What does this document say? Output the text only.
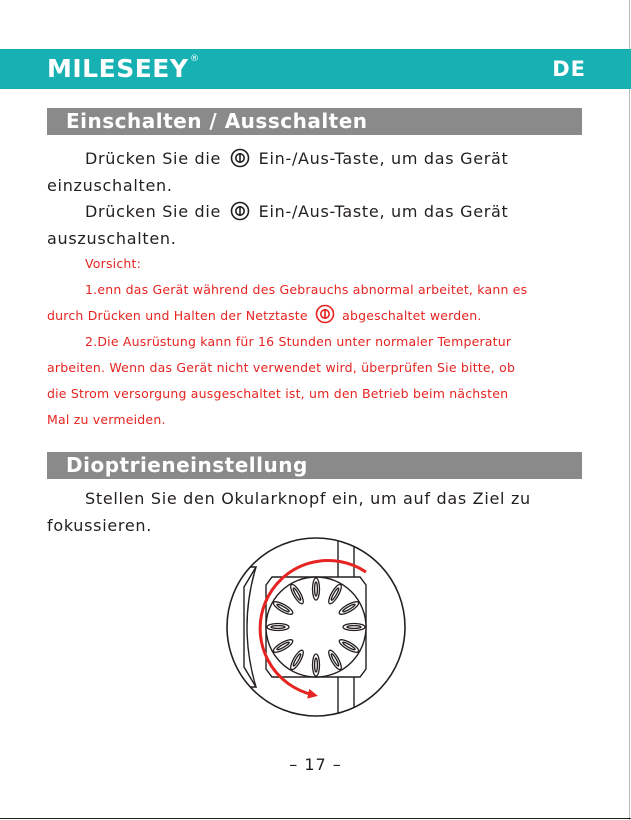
MILESEEY ®	DE
Einschalten / Ausschalten

Drücken Sie die Ein-/Aus-Taste, um das Gerät
einzuschalten.

Drücken Sie die Ein-/Aus-Taste, um das Gerät
auszuschalten.

Vorsicht:
1.enn das Gerät während des Gebrauchs abnormal arbeitet, kann es
durch Drücken und Halten der Netztaste	abgeschaltet werden.
2.Die Ausrüstung kann für 16 Stunden unter normaler Temperatur
arbeiten. Wenn das Gerät nicht verwendet wird, überprüfen Sie bitte, ob
die Strom versorgung ausgeschaltet ist, um den Betrieb beim nächsten
Mal zu vermeiden.

Dioptrieneinstellung

Stellen Sie den Okularknopf ein, um auf das Ziel zu
fokussieren.

– 17 –
